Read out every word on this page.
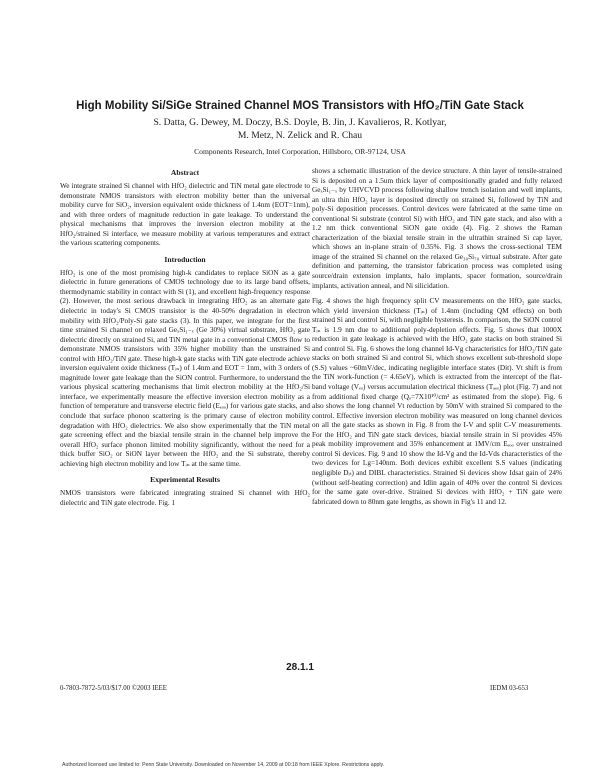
High Mobility Si/SiGe Strained Channel MOS Transistors with HfO₂/TiN Gate Stack
S. Datta, G. Dewey, M. Doczy, B.S. Doyle, B. Jin, J. Kavalieros, R. Kotlyar,
M. Metz, N. Zelick and R. Chau
Components Research, Intel Corporation, Hillsboro, OR-97124, USA
Abstract

We integrate strained Si channel with HfO₂ dielectric and TiN metal gate electrode to demonstrate NMOS transistors with electron mobility better than the universal mobility curve for SiO₂, inversion equivalent oxide thickness of 1.4nm (EOT=1nm), and with three orders of magnitude reduction in gate leakage. To understand the physical mechanisms that improves the inversion electron mobility at the HfO₂/strained Si interface, we measure mobility at various temperatures and extract the various scattering components.

Introduction

HfO₂ is one of the most promising high-k candidates to replace SiON as a gate dielectric in future generations of CMOS technology due to its large band offsets, thermodynamic stability in contact with Si (1), and excellent high-frequency response (2). However, the most serious drawback in integrating HfO₂ as an alternate gate dielectric in today's Si CMOS transistor is the 40-50% degradation in electron mobility with HfO₂/Poly-Si gate stacks (3). In this paper, we integrate for the first time strained Si channel on relaxed GeₓSi₁₋ₓ (Ge 30%) virtual substrate, HfO₂ gate dielectric directly on strained Si, and TiN metal gate in a conventional CMOS flow to demonstrate NMOS transistors with 35% higher mobility than the unstrained Si control with HfO₂/TiN gate. These high-k gate stacks with TiN gate electrode achieve inversion equivalent oxide thickness (Tᵢₙ) of 1.4nm and EOT = 1nm, with 3 orders of magnitude lower gate leakage than the SiON control. Furthermore, to understand the various physical scattering mechanisms that limit electron mobility at the HfO₂/Si interface, we experimentally measure the effective inversion electron mobility as a function of temperature and transverse electric field (Eₑₒₒ) for various gate stacks, and conclude that surface phonon scattering is the primary cause of electron mobility degradation with HfO₂ dielectrics. We also show experimentally that the TiN metal gate screening effect and the biaxial tensile strain in the channel help improve the overall HfO₂ surface phonon limited mobility significantly, without the need for a thick buffer SiO₂ or SiON layer between the HfO₂ and the Si substrate, thereby achieving high electron mobility and low Tᵢₙ at the same time.

Experimental Results

NMOS transistors were fabricated integrating strained Si channel with HfO₂ dielectric and TiN gate electrode. Fig. 1

shows a schematic illustration of the device structure. A thin layer of tensile-strained Si is deposited on a 1.5um thick layer of compositionally graded and fully relaxed GeₓSi₁₋ₓ by UHVCVD process following shallow trench isolation and well implants, an ultra thin HfO₂ layer is deposited directly on strained Si, followed by TiN and poly-Si deposition processes. Control devices were fabricated at the same time on conventional Si substrate (control Si) with HfO₂ and TiN gate stack, and also with a 1.2 nm thick conventional SiON gate oxide (4). Fig. 2 shows the Raman characterization of the biaxial tensile strain in the ultrathin strained Si cap layer, which shows an in-plane strain of 0.35%. Fig. 3 shows the cross-sectional TEM image of the strained Si channel on the relaxed Ge₃₀Si₇₀ virtual substrate. After gate definition and patterning, the transistor fabrication process was completed using source/drain extension implants, halo implants, spacer formation, source/drain implants, activation anneal, and Ni silicidation.

Fig. 4 shows the high frequency split CV measurements on the HfO₂ gate stacks, which yield inversion thickness (Tᵢₙ) of 1.4nm (including QM effects) on both strained Si and control Si, with negligible hysteresis. In comparison, the SiON control Tᵢₙ is 1.9 nm due to additional poly-depletion effects. Fig. 5 shows that 1000X reduction in gate leakage is achieved with the HfO₂ gate stacks on both strained Si and control Si. Fig. 6 shows the long channel Id-Vg characteristics for HfO₂/TiN gate stacks on both strained Si and control Si, which shows excellent sub-threshold slope (S.S) values ~60mV/dec, indicating negligible interface states (Dit). Vt shift is from the TiN work-function (= 4.65eV), which is extracted from the intercept of the flat-band voltage (Vₑₒ) versus accumulation electrical thickness (Tₐₑₑ) plot (Fig. 7) and not from additional fixed charge (Qₒ=7X10¹⁰/cm² as estimated from the slope). Fig. 6 also shows the long channel Vt reduction by 50mV with strained Si compared to the control. Effective inversion electron mobility was measured on long channel devices on all the gate stacks as shown in Fig. 8 from the I-V and split C-V measurements. For the HfO₂ and TiN gate stack devices, biaxial tensile strain in Si provides 45% peak mobility improvement and 35% enhancement at 1MV/cm Eₑₒₒ over unstrained control Si devices. Fig. 9 and 10 show the Id-Vg and the Id-Vds characteristics of the two devices for Lg=140nm. Both devices exhibit excellent S.S values (indicating negligible Dᵢₜ) and DIBL characteristics. Strained Si devices show Idsat gain of 24% (without self-heating correction) and Idlin again of 40% over the control Si devices for the same gate over-drive. Strained Si devices with HfO₂ + TiN gate were fabricated down to 80nm gate lengths, as shown in Fig's 11 and 12.

28.1.1
0-7803-7872-5/03/$17.00 ©2003 IEEE	IEDM 03-653
Authorized licensed use limited to: Penn State University. Downloaded on November 14, 2009 at 00:18 from IEEE Xplore. Restrictions apply.
